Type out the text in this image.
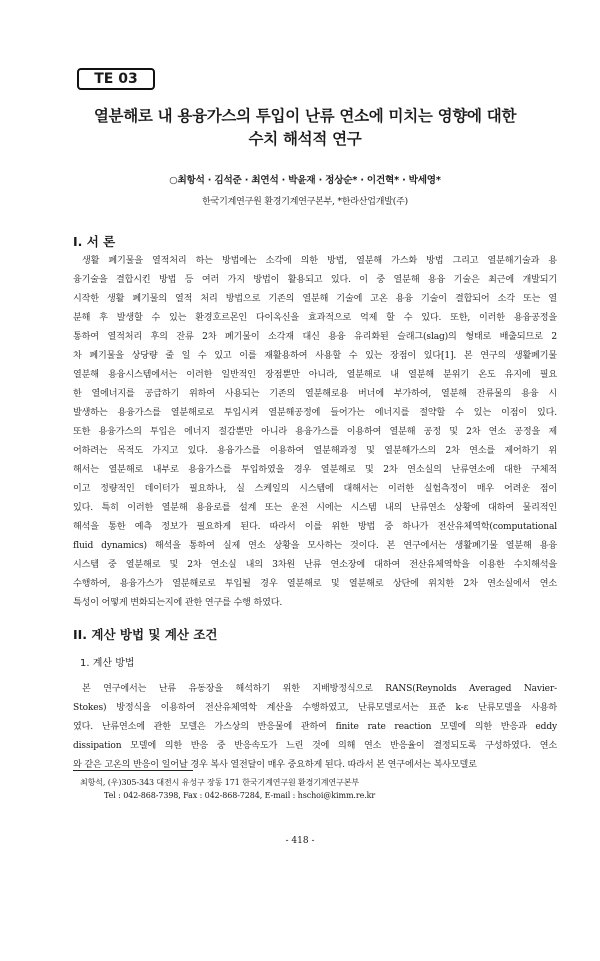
TE 03
열분해로 내 용융가스의 투입이 난류 연소에 미치는 영향에 대한
수치 해석적 연구
○최항석 · 김석준 · 최연석 · 박윤재 · 정상순* · 이건혁* · 박세영*
한국기계연구원 환경기계연구본부, *한라산업개발(주)
I. 서 론
생활 폐기물을 열적처리 하는 방법에는 소각에 의한 방법, 열분해 가스화 방법 그리고 열분해기술과 용
융기술을 결합시킨 방법 등 여러 가지 방법이 활용되고 있다. 이 중 열분해 용융 기술은 최근에 개발되기
시작한 생활 폐기물의 열적 처리 방법으로 기존의 열분해 기술에 고온 용융 기술이 결합되어 소각 또는 열
분해 후 발생할 수 있는 환경호르몬인 다이옥신을 효과적으로 억제 할 수 있다. 또한, 이러한 용융공정을
통하여 열적처리 후의 잔류 2차 폐기물이 소각재 대신 용융 유리화된 슬래그(slag)의 형태로 배출되므로 2
차 폐기물을 상당량 줄 일 수 있고 이를 재활용하여 사용할 수 있는 장점이 있다[1]. 본 연구의 생활폐기물
열분해 용융시스템에서는 이러한 일반적인 장점뿐만 아니라, 열분해로 내 열분해 분위기 온도 유지에 필요
한 열에너지를 공급하기 위하여 사용되는 기존의 열분해로용 버너에 부가하여, 열분해 잔류물의 용융 시
발생하는 용융가스를 열분해로로 투입시켜 열분해공정에 들어가는 에너지를 절약할 수 있는 이점이 있다.
또한 용융가스의 투입은 에너지 절감뿐만 아니라 용융가스를 이용하여 열분해 공정 및 2차 연소 공정을 제
어하려는 목적도 가지고 있다. 용융가스를 이용하여 열분해과정 및 열분해가스의 2차 연소를 제어하기 위
해서는 열분해로 내부로 용융가스를 투입하였을 경우 열분해로 및 2차 연소실의 난류연소에 대한 구체적
이고 정량적인 데이터가 필요하나, 실 스케일의 시스템에 대해서는 이러한 실험측정이 매우 어려운 점이
있다. 특히 이러한 열분해 용융로를 설계 또는 운전 시에는 시스템 내의 난류연소 상황에 대하여 물리적인
해석을 통한 예측 정보가 필요하게 된다. 따라서 이를 위한 방법 중 하나가 전산유체역학(computational
fluid dynamics) 해석을 통하여 실제 연소 상황을 모사하는 것이다. 본 연구에서는 생활폐기물 열분해 용융
시스템 중 열분해로 및 2차 연소실 내의 3차원 난류 연소장에 대하여 전산유체역학을 이용한 수치해석을
수행하여, 용융가스가 열분해로로 투입될 경우 열분해로 및 열분해로 상단에 위치한 2차 연소실에서 연소
특성이 어떻게 변화되는지에 관한 연구를 수행 하였다.
II. 계산 방법 및 계산 조건
1. 계산 방법
본 연구에서는 난류 유동장을 해석하기 위한 지배방정식으로 RANS(Reynolds Averaged Navier-
Stokes) 방정식을 이용하여 전산유체역학 계산을 수행하였고, 난류모델로서는 표준 k-ε 난류모델을 사용하
였다. 난류연소에 관한 모델은 가스상의 반응물에 관하여 finite rate reaction 모델에 의한 반응과 eddy
dissipation 모델에 의한 반응 중 반응속도가 느린 것에 의해 연소 반응율이 결정되도록 구성하였다. 연소
와 같은 고온의 반응이 일어날 경우 복사 열전달이 매우 중요하게 된다. 따라서 본 연구에서는 복사모델로
최항석, (우)305-343 대전시 유성구 장동 171 한국기계연구원 환경기계연구본부
Tel : 042-868-7398, Fax : 042-868-7284, E-mail : hschoi@kimm.re.kr
- 418 -
